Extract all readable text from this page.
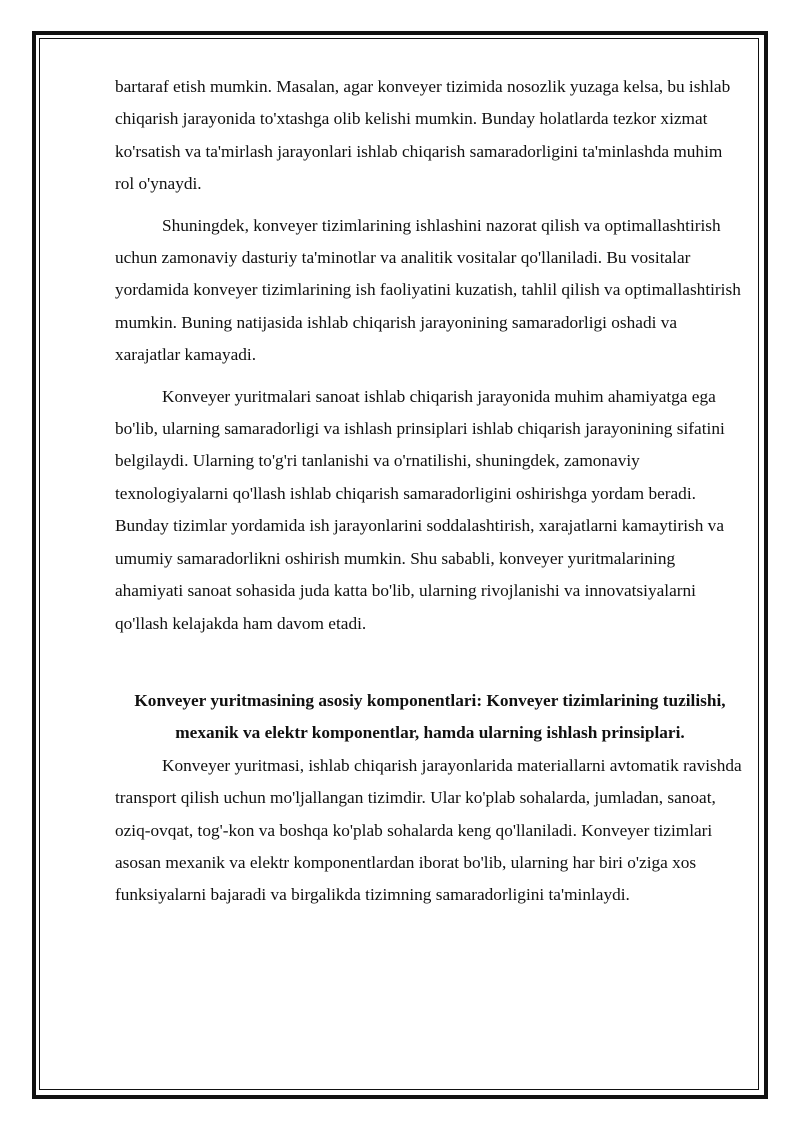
bartaraf etish mumkin. Masalan, agar konveyer tizimida nosozlik yuzaga kelsa, bu ishlab chiqarish jarayonida to'xtashga olib kelishi mumkin. Bunday holatlarda tezkor xizmat ko'rsatish va ta'mirlash jarayonlari ishlab chiqarish samaradorligini ta'minlashda muhim rol o'ynaydi.

Shuningdek, konveyer tizimlarining ishlashini nazorat qilish va optimallashtirish uchun zamonaviy dasturiy ta'minotlar va analitik vositalar qo'llaniladi. Bu vositalar yordamida konveyer tizimlarining ish faoliyatini kuzatish, tahlil qilish va optimallashtirish mumkin. Buning natijasida ishlab chiqarish jarayonining samaradorligi oshadi va xarajatlar kamayadi.

Konveyer yuritmalari sanoat ishlab chiqarish jarayonida muhim ahamiyatga ega bo'lib, ularning samaradorligi va ishlash prinsiplari ishlab chiqarish jarayonining sifatini belgilaydi. Ularning to'g'ri tanlanishi va o'rnatilishi, shuningdek, zamonaviy texnologiyalarni qo'llash ishlab chiqarish samaradorligini oshirishga yordam beradi. Bunday tizimlar yordamida ish jarayonlarini soddalashtirish, xarajatlarni kamaytirish va umumiy samaradorlikni oshirish mumkin. Shu sababli, konveyer yuritmalarining ahamiyati sanoat sohasida juda katta bo'lib, ularning rivojlanishi va innovatsiyalarni qo'llash kelajakda ham davom etadi.

Konveyer yuritmasining asosiy komponentlari: Konveyer tizimlarining tuzilishi, mexanik va elektr komponentlar, hamda ularning ishlash prinsiplari.

Konveyer yuritmasi, ishlab chiqarish jarayonlarida materiallarni avtomatik ravishda transport qilish uchun mo'ljallangan tizimdir. Ular ko'plab sohalarda, jumladan, sanoat, oziq-ovqat, tog'-kon va boshqa ko'plab sohalarda keng qo'llaniladi. Konveyer tizimlari asosan mexanik va elektr komponentlardan iborat bo'lib, ularning har biri o'ziga xos funksiyalarni bajaradi va birgalikda tizimning samaradorligini ta'minlaydi.
